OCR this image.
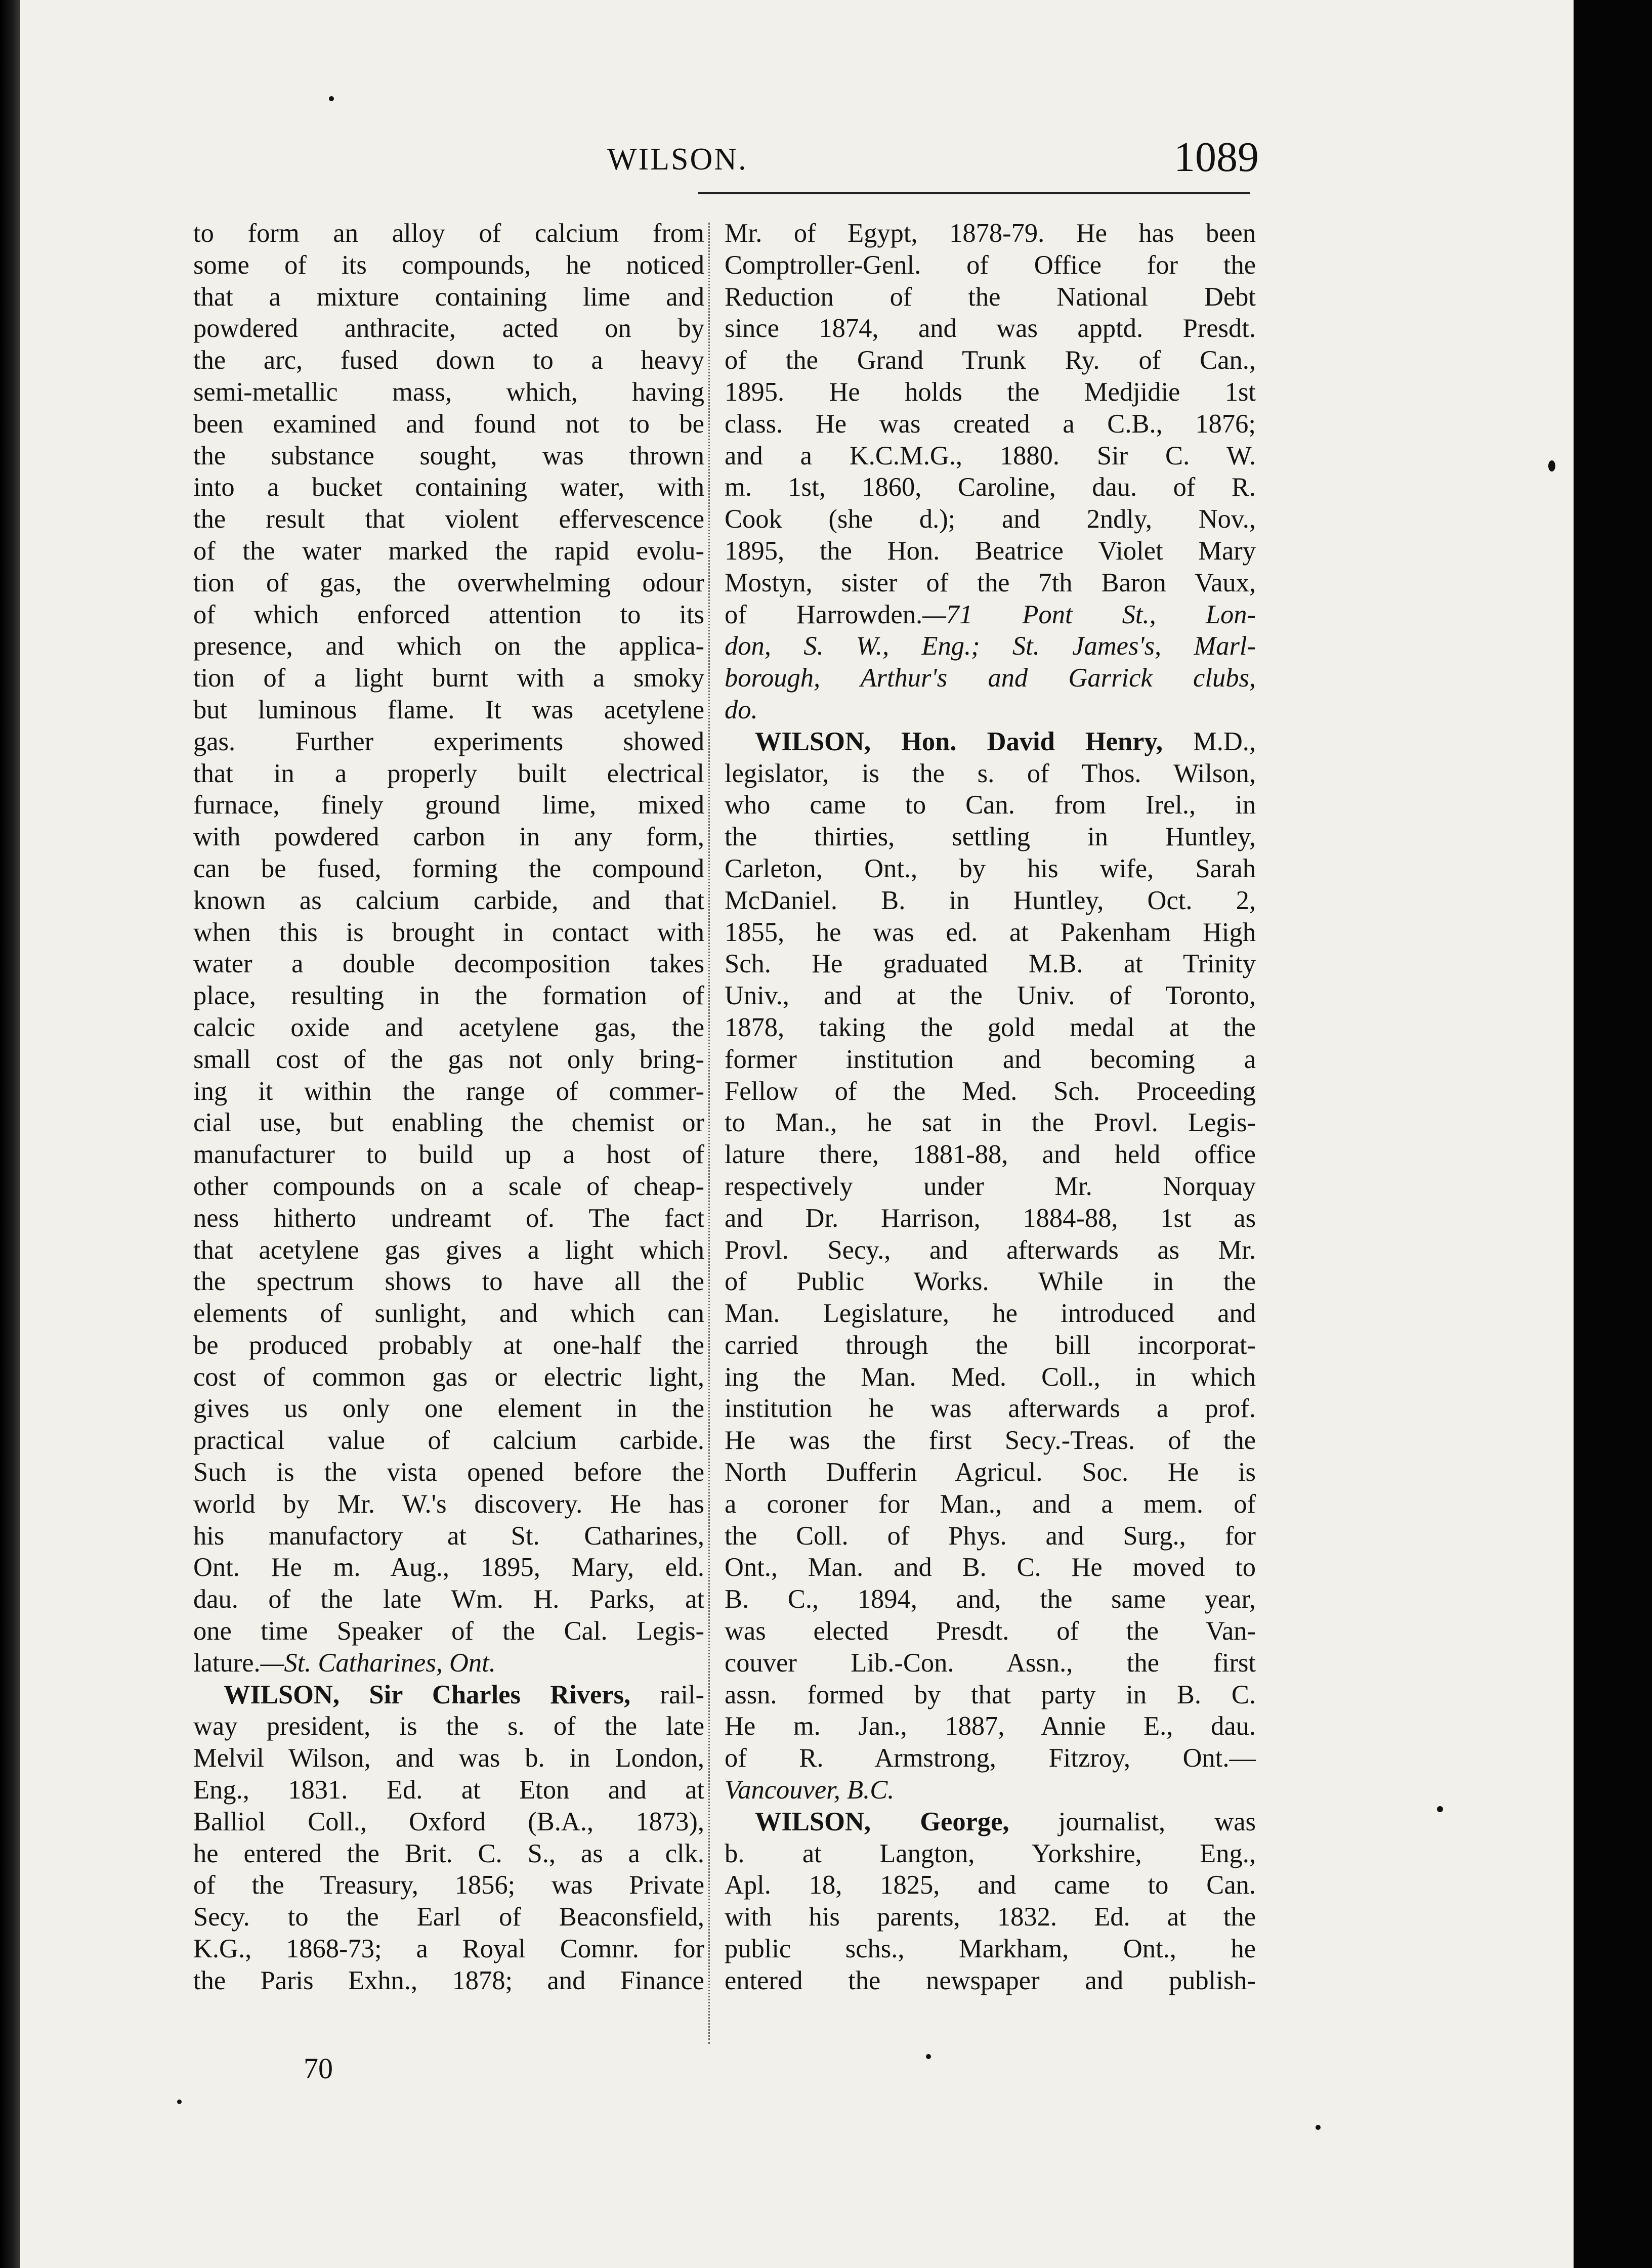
WILSON.	1089
to form an alloy of calcium from
some of its compounds, he noticed
that a mixture containing lime and
powdered anthracite, acted on by
the arc, fused down to a heavy
semi-metallic mass, which, having
been examined and found not to be
the substance sought, was thrown
into a bucket containing water, with
the result that violent effervescence
of the water marked the rapid evolu-
tion of gas, the overwhelming odour
of which enforced attention to its
presence, and which on the applica-
tion of a light burnt with a smoky
but luminous flame. It was acetylene
gas. Further experiments showed
that in a properly built electrical
furnace, finely ground lime, mixed
with powdered carbon in any form,
can be fused, forming the compound
known as calcium carbide, and that
when this is brought in contact with
water a double decomposition takes
place, resulting in the formation of
calcic oxide and acetylene gas, the
small cost of the gas not only bring-
ing it within the range of commer-
cial use, but enabling the chemist or
manufacturer to build up a host of
other compounds on a scale of cheap-
ness hitherto undreamt of. The fact
that acetylene gas gives a light which
the spectrum shows to have all the
elements of sunlight, and which can
be produced probably at one-half the
cost of common gas or electric light,
gives us only one element in the
practical value of calcium carbide.
Such is the vista opened before the
world by Mr. W.'s discovery. He has
his manufactory at St. Catharines,
Ont. He m. Aug., 1895, Mary, eld.
dau. of the late Wm. H. Parks, at
one time Speaker of the Cal. Legis-
lature.—St. Catharines, Ont.
WILSON, Sir Charles Rivers, rail-
way president, is the s. of the late
Melvil Wilson, and was b. in London,
Eng., 1831. Ed. at Eton and at
Balliol Coll., Oxford (B.A., 1873),
he entered the Brit. C. S., as a clk.
of the Treasury, 1856; was Private
Secy. to the Earl of Beaconsfield,
K.G., 1868-73; a Royal Comnr. for
the Paris Exhn., 1878; and Finance
Mr. of Egypt, 1878-79. He has been
Comptroller-Genl. of Office for the
Reduction of the National Debt
since 1874, and was apptd. Presdt.
of the Grand Trunk Ry. of Can.,
1895. He holds the Medjidie 1st
class. He was created a C.B., 1876;
and a K.C.M.G., 1880. Sir C. W.
m. 1st, 1860, Caroline, dau. of R.
Cook (she d.); and 2ndly, Nov.,
1895, the Hon. Beatrice Violet Mary
Mostyn, sister of the 7th Baron Vaux,
of Harrowden.—71 Pont St., Lon-
don, S. W., Eng.; St. James's, Marl-
borough, Arthur's and Garrick clubs,
do.
WILSON, Hon. David Henry, M.D.,
legislator, is the s. of Thos. Wilson,
who came to Can. from Irel., in
the thirties, settling in Huntley,
Carleton, Ont., by his wife, Sarah
McDaniel. B. in Huntley, Oct. 2,
1855, he was ed. at Pakenham High
Sch. He graduated M.B. at Trinity
Univ., and at the Univ. of Toronto,
1878, taking the gold medal at the
former institution and becoming a
Fellow of the Med. Sch. Proceeding
to Man., he sat in the Provl. Legis-
lature there, 1881-88, and held office
respectively under Mr. Norquay
and Dr. Harrison, 1884-88, 1st as
Provl. Secy., and afterwards as Mr.
of Public Works. While in the
Man. Legislature, he introduced and
carried through the bill incorporat-
ing the Man. Med. Coll., in which
institution he was afterwards a prof.
He was the first Secy.-Treas. of the
North Dufferin Agricul. Soc. He is
a coroner for Man., and a mem. of
the Coll. of Phys. and Surg., for
Ont., Man. and B. C. He moved to
B. C., 1894, and, the same year,
was elected Presdt. of the Van-
couver Lib.-Con. Assn., the first
assn. formed by that party in B. C.
He m. Jan., 1887, Annie E., dau.
of R. Armstrong, Fitzroy, Ont.—
Vancouver, B.C.
WILSON, George, journalist, was
b. at Langton, Yorkshire, Eng.,
Apl. 18, 1825, and came to Can.
with his parents, 1832. Ed. at the
public schs., Markham, Ont., he
entered the newspaper and publish-
70
